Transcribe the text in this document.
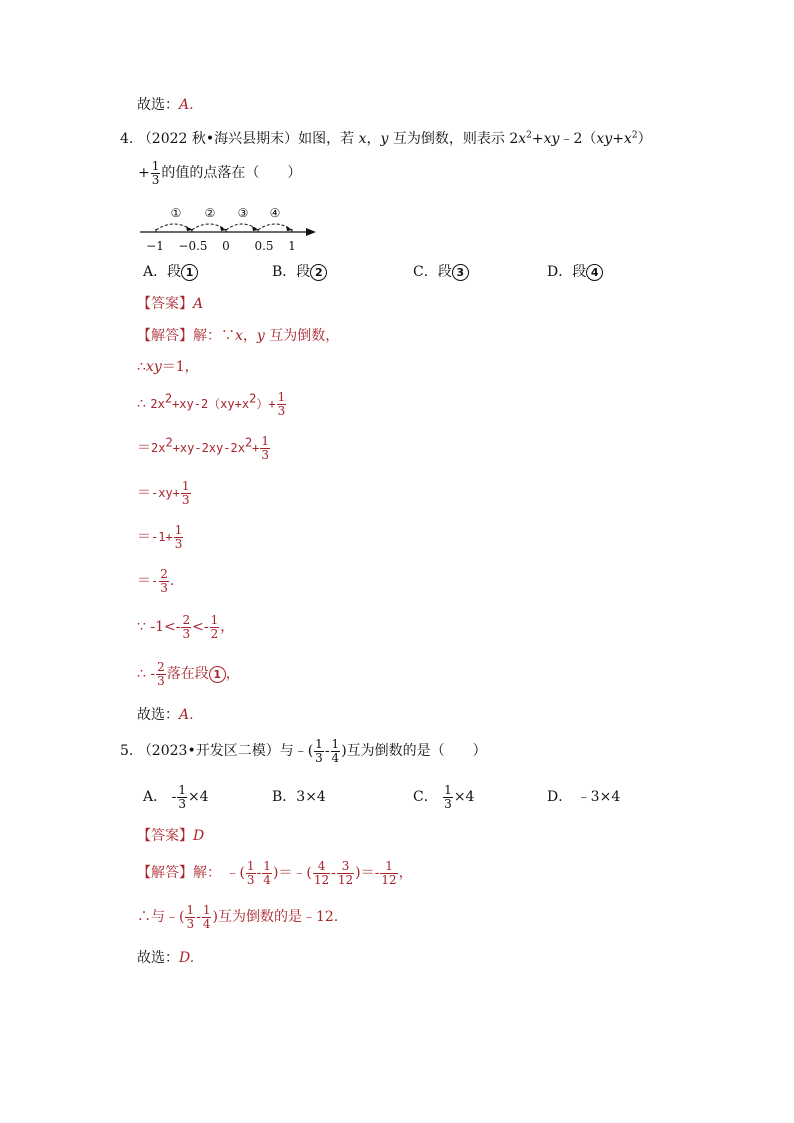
故选：A.
4. （2022 秋•海兴县期末）如图，若 x，y 互为倒数，则表示 $2x^2+xy﹣2(xy+x^2)$
+ $\frac{1}{3}$ 的值的点落在（　　）
① ② ③ ④
−1 −0.5 0 0.5 1
A．段 1	B．段 2	C．段 3	D．段 4
【答案】A
【解答】解：∵x，y 互为倒数，
∴xy＝1，
∴ $2x^2+xy-2(xy+x^2)+ \frac{1}{3}$
$=2x^2+xy-2xy-2x^2+ \frac{1}{3}$
$=-xy+ \frac{1}{3}$
$=-1+ \frac{1}{3}$
＝- $\frac{2}{3}$ .
∵ $-1<- \frac{2}{3} <- \frac{1}{2}$ ，
∴ - $\frac{2}{3}$ 落在段 1 ，
故选：A.
5. （2023•开发区二模）与﹣( $\frac{1}{3} - \frac{1}{4}$ )互为倒数的是（　　）
A． - $\frac{1}{3} \times 4$	B．3×4	C． $\frac{1}{3} \times 4$	D． ﹣3×4
【答案】D
【解答】解： ﹣( $\frac{1}{3} - \frac{1}{4}$ )＝﹣( $\frac{4}{12} - \frac{3}{12}$ )＝- $\frac{1}{12}$ ，
∴与﹣( $\frac{1}{3} - \frac{1}{4}$ )互为倒数的是﹣12.
故选：D.
